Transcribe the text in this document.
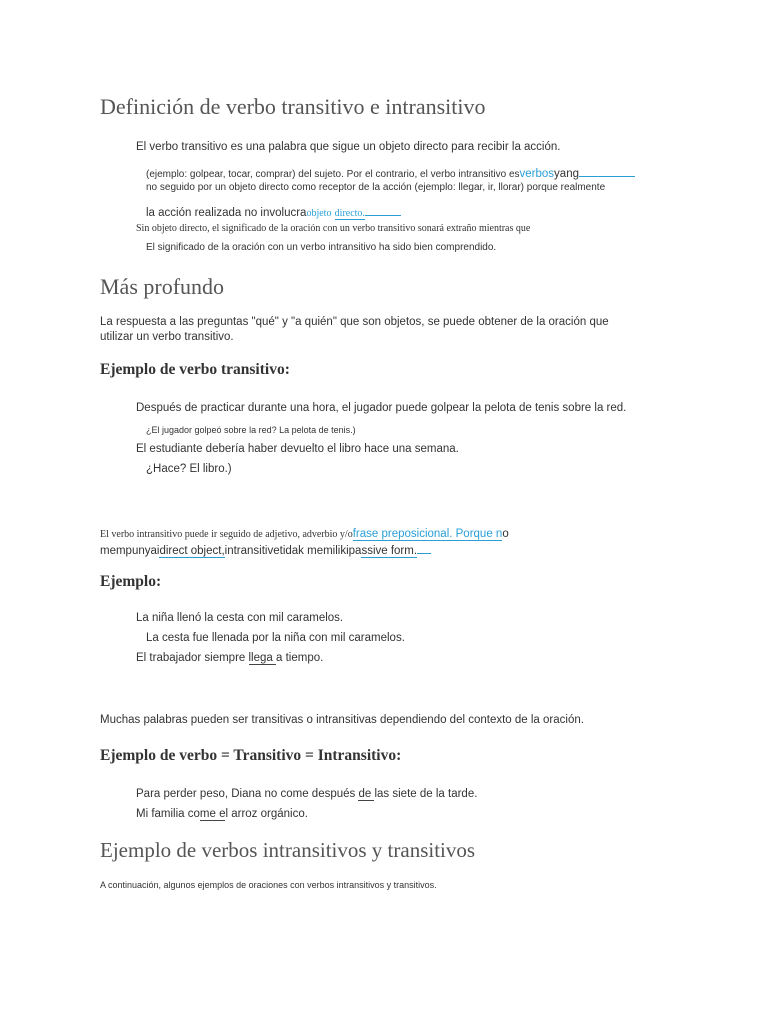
Definición de verbo transitivo e intransitivo
El verbo transitivo es una palabra que sigue un objeto directo para recibir la acción.
(ejemplo: golpear, tocar, comprar) del sujeto. Por el contrario, el verbo intransitivo esverbosyang
no seguido por un objeto directo como receptor de la acción (ejemplo: llegar, ir, llorar) porque realmente
la acción realizada no involucraobjeto directo.
Sin objeto directo, el significado de la oración con un verbo transitivo sonará extraño mientras que
El significado de la oración con un verbo intransitivo ha sido bien comprendido.
Más profundo
La respuesta a las preguntas "qué" y "a quién" que son objetos, se puede obtener de la oración que
utilizar un verbo transitivo.
Ejemplo de verbo transitivo:
Después de practicar durante una hora, el jugador puede golpear la pelota de tenis sobre la red.
¿El jugador golpeó sobre la red? La pelota de tenis.)
El estudiante debería haber devuelto el libro hace una semana.
¿Hace? El libro.)
El verbo intransitivo puede ir seguido de adjetivo, adverbio y/ofrase preposicional. Porque no
mempunyaidirect object,intransitivetidak memilikipassive form.
Ejemplo:
La niña llenó la cesta con mil caramelos.
La cesta fue llenada por la niña con mil caramelos.
El trabajador siempre llega a tiempo.
Muchas palabras pueden ser transitivas o intransitivas dependiendo del contexto de la oración.
Ejemplo de verbo = Transitivo = Intransitivo:
Para perder peso, Diana no come después de las siete de la tarde.
Mi familia come el arroz orgánico.
Ejemplo de verbos intransitivos y transitivos
A continuación, algunos ejemplos de oraciones con verbos intransitivos y transitivos.
